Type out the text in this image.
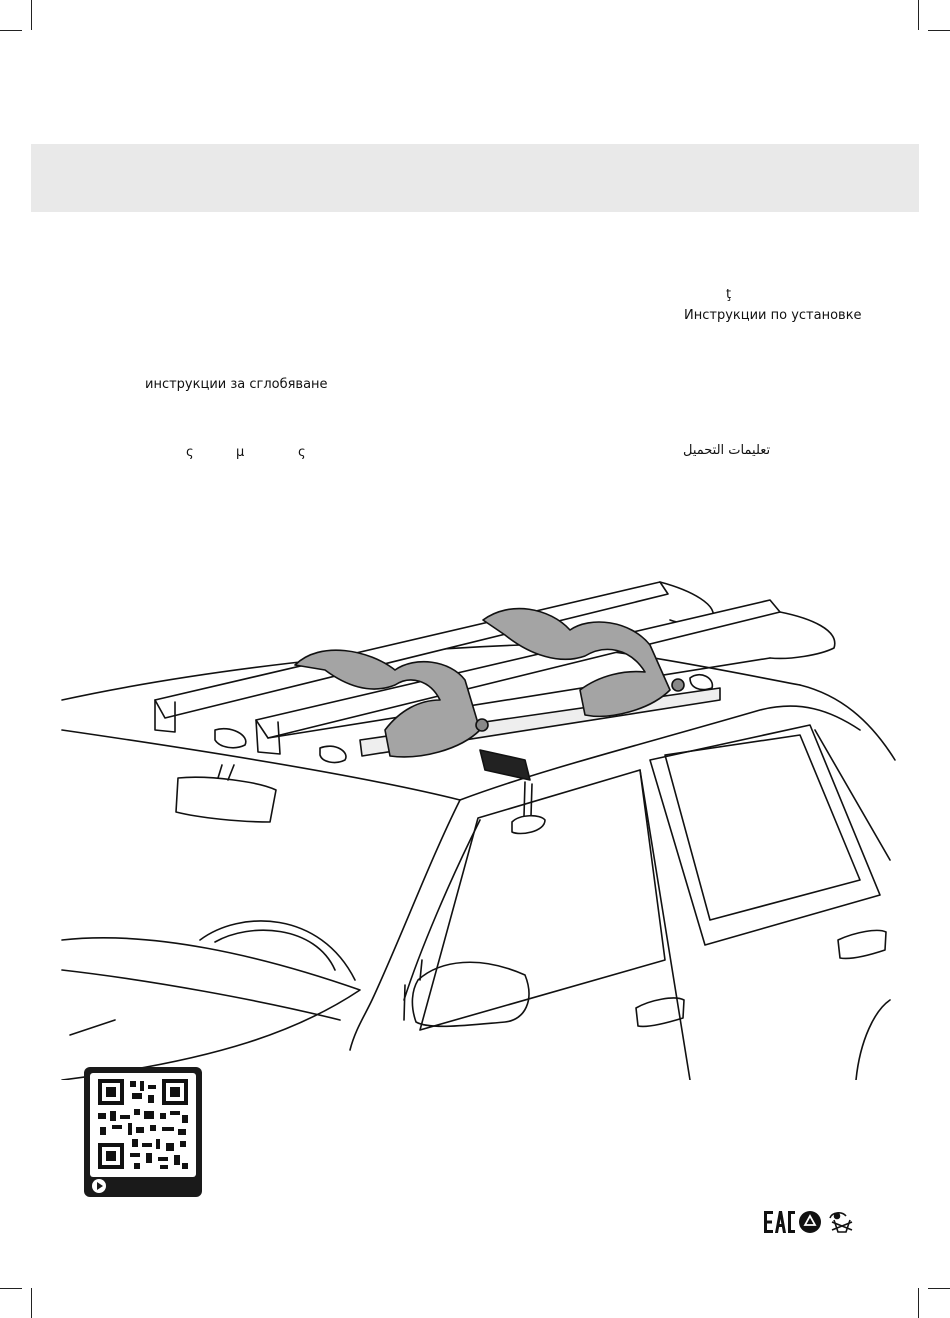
ţ
Инструкции по установке
инструкции за сглобяване
ς	μ	ς	تعليمات التحميل
